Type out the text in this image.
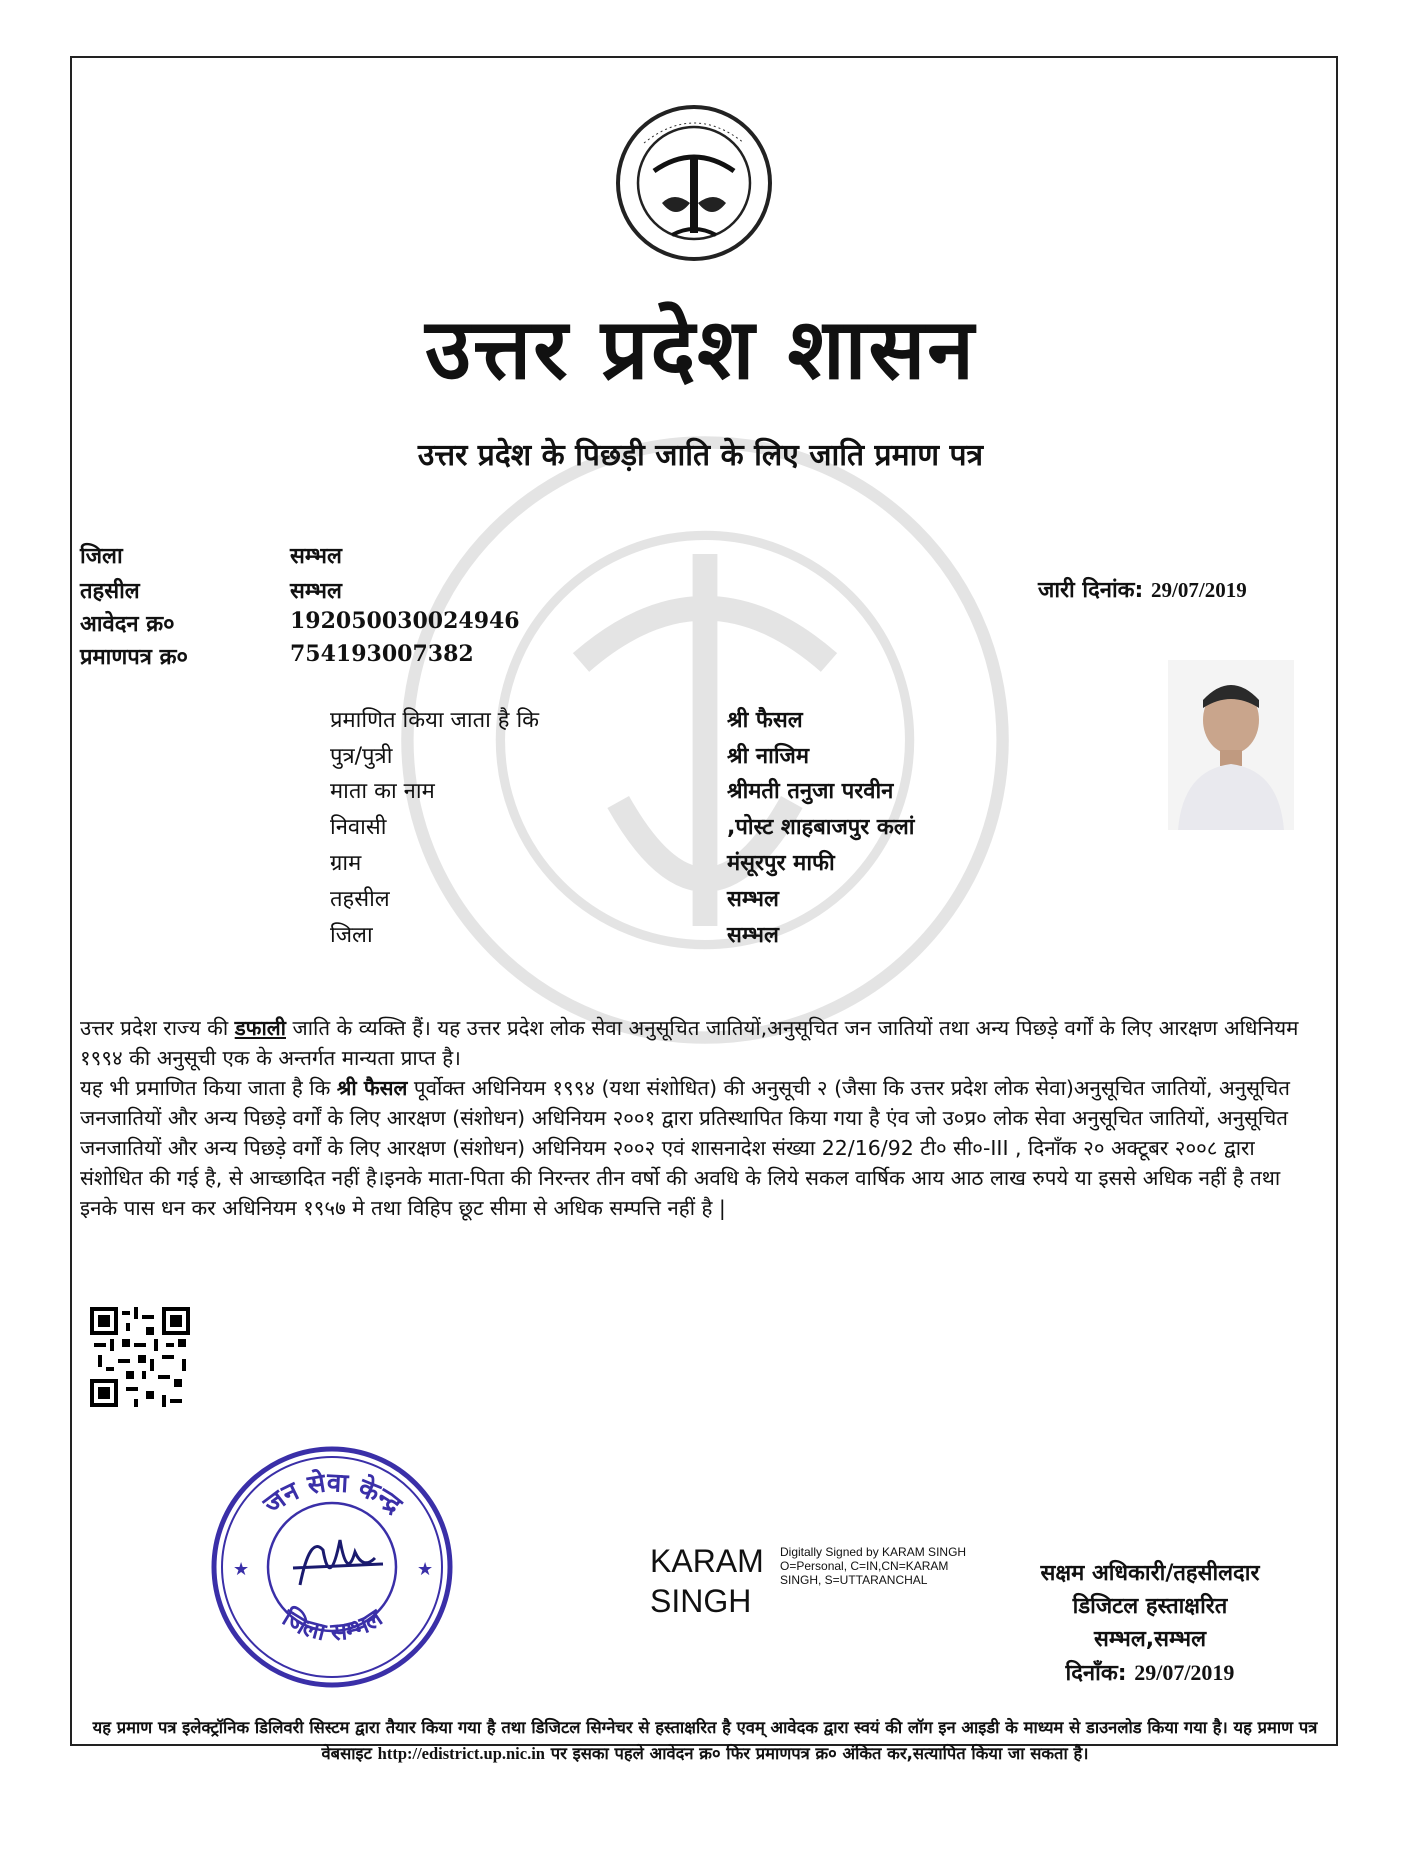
उत्तर प्रदेश शासन
उत्तर प्रदेश के पिछड़ी जाति के लिए जाति प्रमाण पत्र
जिला	सम्भल
तहसील	सम्भल
आवेदन क्र०	192050030024946
प्रमाणपत्र क्र०	754193007382
जारी दिनांक: 29/07/2019
प्रमाणित किया जाता है कि	श्री फैसल
पुत्र/पुत्री	श्री नाजिम
माता का नाम	श्रीमती तनुजा परवीन
निवासी	,पोस्ट शाहबाजपुर कलां
ग्राम	मंसूरपुर माफी
तहसील	सम्भल
जिला	सम्भल
उत्तर प्रदेश राज्य की डफाली जाति के व्यक्ति हैं। यह उत्तर प्रदेश लोक सेवा अनुसूचित जातियों,अनुसूचित जन जातियों तथा अन्य पिछड़े वर्गों के लिए आरक्षण अधिनियम १९९४ की अनुसूची एक के अन्तर्गत मान्यता प्राप्त है।
यह भी प्रमाणित किया जाता है कि श्री फैसल पूर्वोक्त अधिनियम १९९४ (यथा संशोधित) की अनुसूची २ (जैसा कि उत्तर प्रदेश लोक सेवा)अनुसूचित जातियों, अनुसूचित जनजातियों और अन्य पिछड़े वर्गों के लिए आरक्षण (संशोधन) अधिनियम २००१ द्वारा प्रतिस्थापित किया गया है एंव जो उ०प्र० लोक सेवा अनुसूचित जातियों, अनुसूचित जनजातियों और अन्य पिछड़े वर्गों के लिए आरक्षण (संशोधन) अधिनियम २००२ एवं शासनादेश संख्या 22/16/92 टी० सी०-III , दिनाँक २० अक्टूबर २००८ द्वारा संशोधित की गई है, से आच्छादित नहीं है।इनके माता-पिता की निरन्तर तीन वर्षो की अवधि के लिये सकल वार्षिक आय आठ लाख रुपये या इससे अधिक नहीं है तथा इनके पास धन कर अधिनियम १९५७ मे तथा विहिप छूट सीमा से अधिक सम्पत्ति नहीं है |
जन सेवा केन्द्र
जिला सम्भल
★	★	KARAM
SINGH
Digitally Signed by KARAM SINGH O=Personal, C=IN,CN=KARAM SINGH, S=UTTARANCHAL	सक्षम अधिकारी/तहसीलदार
डिजिटल हस्ताक्षरित
सम्भल,सम्भल
दिनाँक: 29/07/2019
यह प्रमाण पत्र इलेक्ट्रॉनिक डिलिवरी सिस्टम द्वारा तैयार किया गया है तथा डिजिटल सिग्नेचर से हस्ताक्षरित है एवम् आवेदक द्वारा स्वयं की लॉग इन आइडी के माध्यम से डाउनलोड किया गया है। यह प्रमाण पत्र वेबसाइट http://edistrict.up.nic.in पर इसका पहले आवेदन क्र० फिर प्रमाणपत्र क्र० अंकित कर,सत्यापित किया जा सकता है।
